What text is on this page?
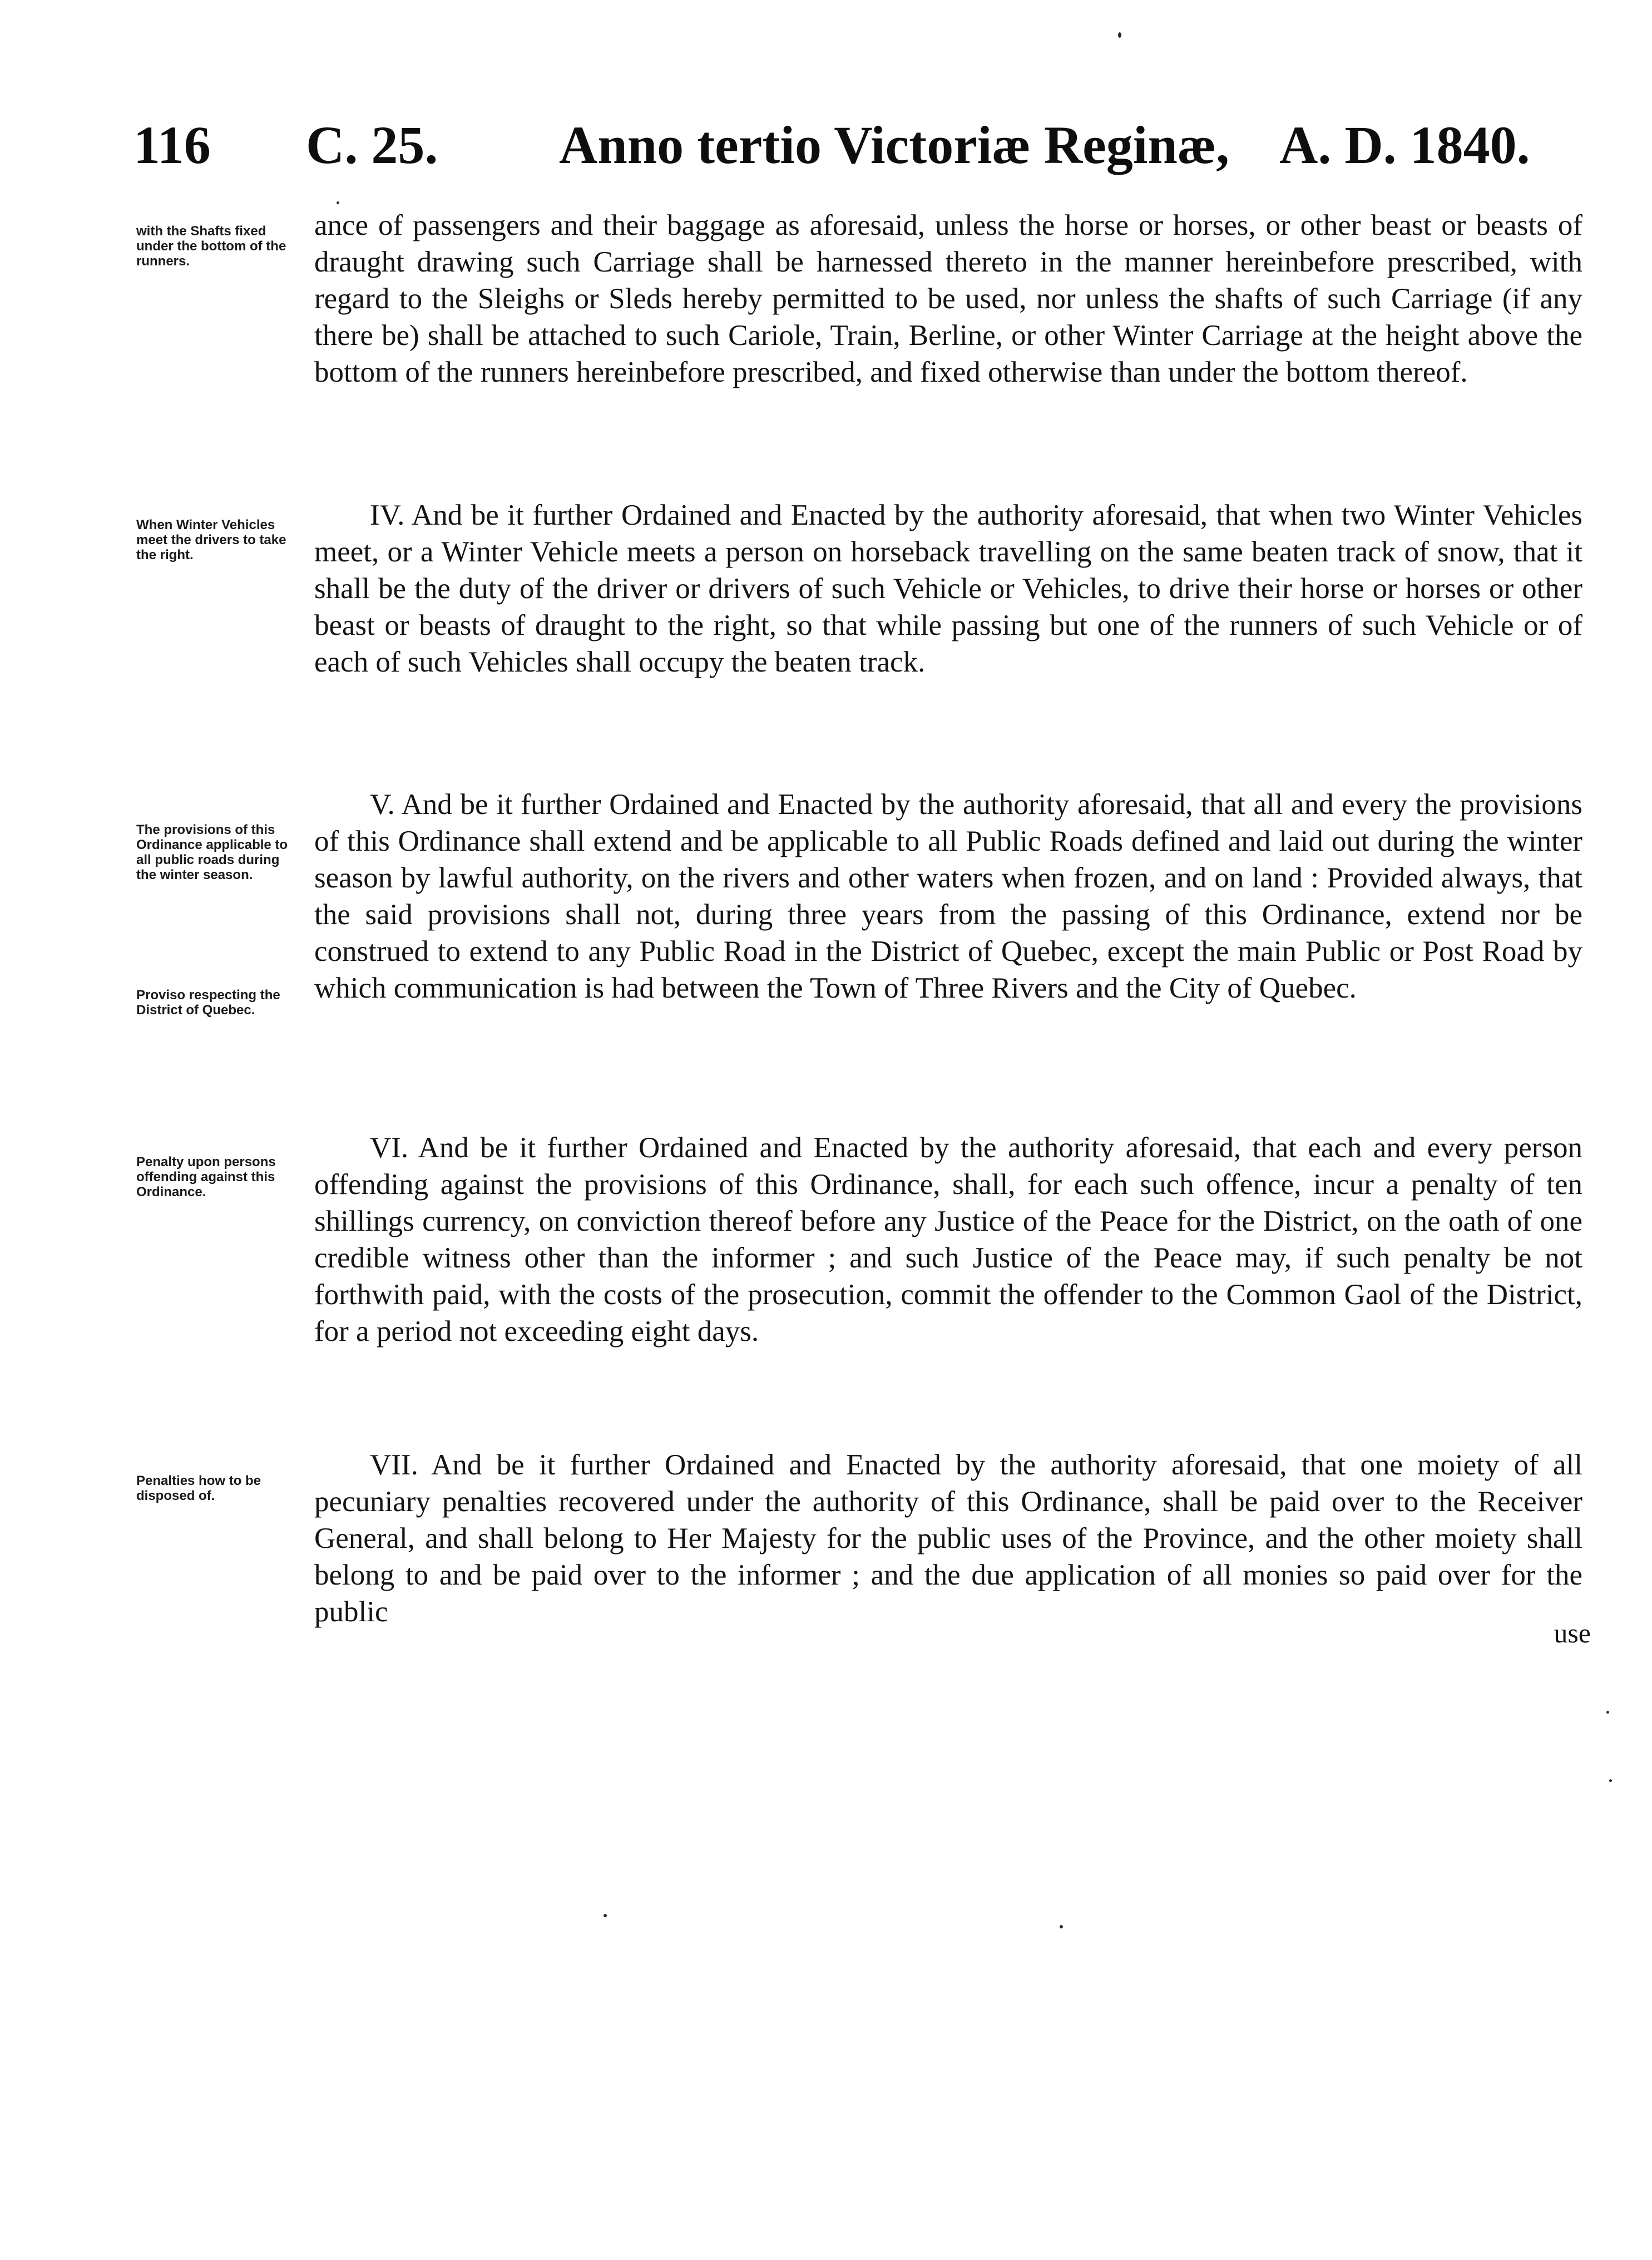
116 C. 25. Anno tertio Victoriæ Reginæ, A. D. 1840.
with the Shafts fixed under the bottom of the runners.
When Winter Vehicles meet the drivers to take the right.
The provisions of this Ordinance applicable to all public roads during the winter season.
Proviso respecting the District of Quebec.
Penalty upon persons offending against this Ordinance.
Penalties how to be disposed of.

ance of passengers and their baggage as aforesaid, unless the horse or horses, or other beast or beasts of draught drawing such Carriage shall be harnessed thereto in the manner hereinbefore prescribed, with regard to the Sleighs or Sleds hereby permitted to be used, nor unless the shafts of such Carriage (if any there be) shall be attached to such Cariole, Train, Berline, or other Winter Carriage at the height above the bottom of the runners hereinbefore prescribed, and fixed otherwise than under the bottom thereof.

IV. And be it further Ordained and Enacted by the authority aforesaid, that when two Winter Vehicles meet, or a Winter Vehicle meets a person on horseback travelling on the same beaten track of snow, that it shall be the duty of the driver or drivers of such Vehicle or Vehicles, to drive their horse or horses or other beast or beasts of draught to the right, so that while passing but one of the runners of such Vehicle or of each of such Vehicles shall occupy the beaten track.

V. And be it further Ordained and Enacted by the authority aforesaid, that all and every the provisions of this Ordinance shall extend and be applicable to all Public Roads defined and laid out during the winter season by lawful authority, on the rivers and other waters when frozen, and on land : Provided always, that the said provisions shall not, during three years from the passing of this Ordinance, extend nor be construed to extend to any Public Road in the District of Quebec, except the main Public or Post Road by which communication is had between the Town of Three Rivers and the City of Quebec.

VI. And be it further Ordained and Enacted by the authority aforesaid, that each and every person offending against the provisions of this Ordinance, shall, for each such offence, incur a penalty of ten shillings currency, on conviction thereof before any Justice of the Peace for the District, on the oath of one credible witness other than the informer ; and such Justice of the Peace may, if such penalty be not forthwith paid, with the costs of the prosecution, commit the offender to the Common Gaol of the District, for a period not exceeding eight days.

VII. And be it further Ordained and Enacted by the authority aforesaid, that one moiety of all pecuniary penalties recovered under the authority of this Ordinance, shall be paid over to the Receiver General, and shall belong to Her Majesty for the public uses of the Province, and the other moiety shall belong to and be paid over to the informer ; and the due application of all monies so paid over for the public

use
